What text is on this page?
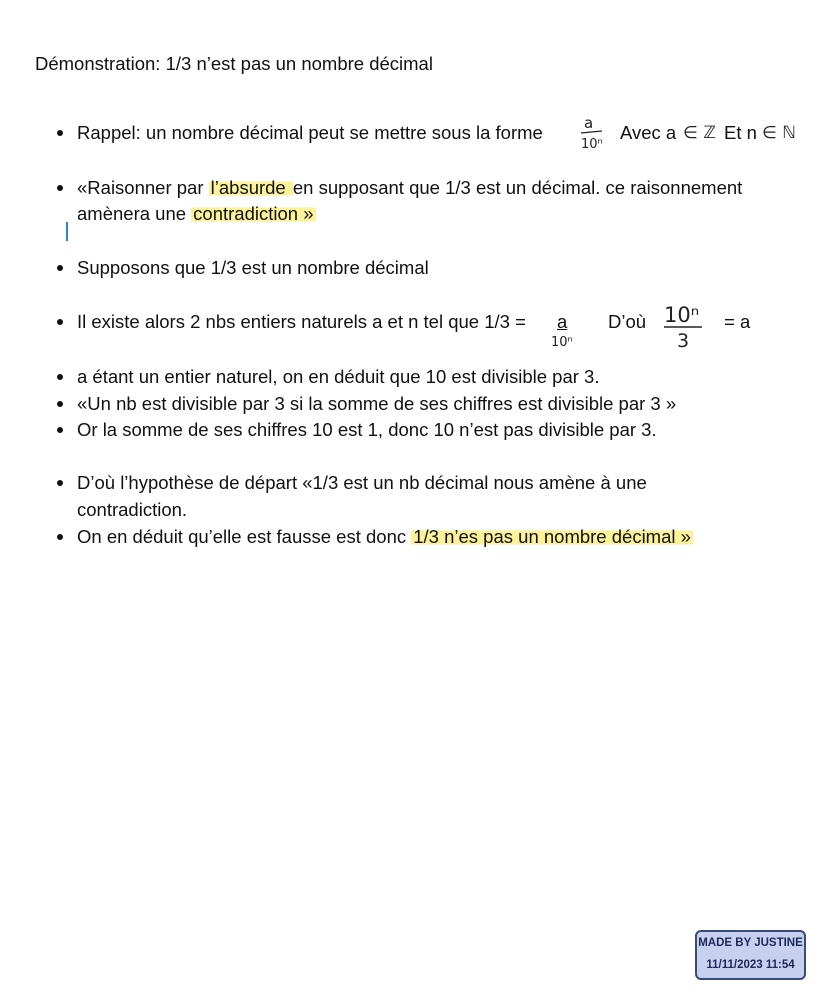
Démonstration: 1/3 n’est pas un nombre décimal
Rappel: un nombre décimal peut se mettre sous la forme	a
10ⁿ
Avec a ∈ ℤ Et n ∈ ℕ
«Raisonner par l’absurde en supposant que 1/3 est un décimal. ce raisonnement
amènera une contradiction »
Supposons que 1/3 est un nombre décimal
Il existe alors 2 nbs entiers naturels a et n tel que 1/3 = a
10ⁿ
D’où 10ⁿ
3
= a
a étant un entier naturel, on en déduit que 10 est divisible par 3.
«Un nb est divisible par 3 si la somme de ses chiffres est divisible par 3 »
Or la somme de ses chiffres 10 est 1, donc 10 n’est pas divisible par 3.
D’où l’hypothèse de départ «1/3 est un nb décimal nous amène à une
contradiction.
On en déduit qu’elle est fausse est donc 1/3 n’es pas un nombre décimal »
MADE BY JUSTINE
11/11/2023 11:54
